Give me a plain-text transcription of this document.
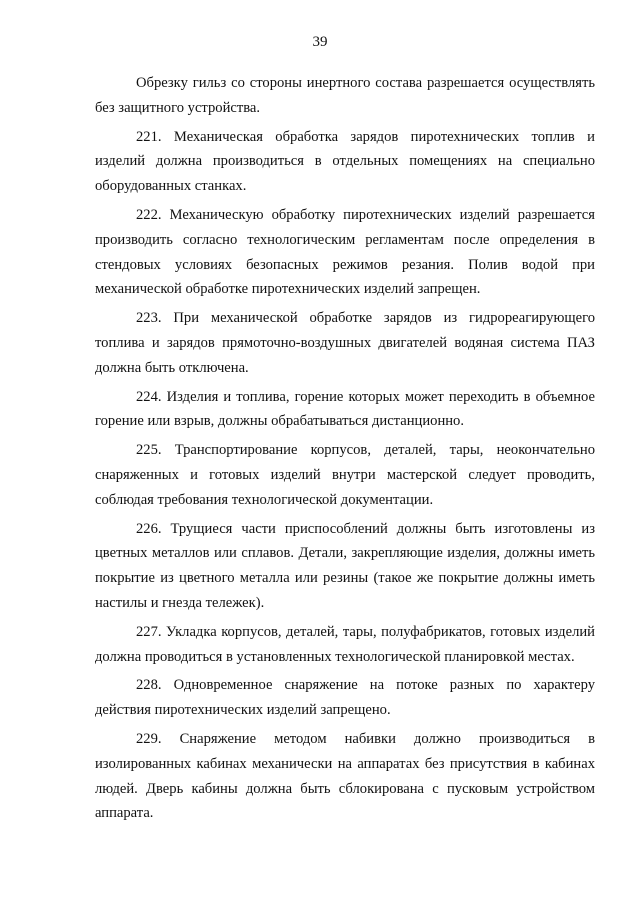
39

Обрезку гильз со стороны инертного состава разрешается осуществлять без защитного устройства.

221. Механическая обработка зарядов пиротехнических топлив и изделий должна производиться в отдельных помещениях на специально оборудованных станках.

222. Механическую обработку пиротехнических изделий разрешается производить согласно технологическим регламентам после определения в стендовых условиях безопасных режимов резания. Полив водой при механической обработке пиротехнических изделий запрещен.

223. При механической обработке зарядов из гидрореагирующего топлива и зарядов прямоточно-воздушных двигателей водяная система ПАЗ должна быть отключена.

224. Изделия и топлива, горение которых может переходить в объемное горение или взрыв, должны обрабатываться дистанционно.

225. Транспортирование корпусов, деталей, тары, неокончательно снаряженных и готовых изделий внутри мастерской следует проводить, соблюдая требования технологической документации.

226. Трущиеся части приспособлений должны быть изготовлены из цветных металлов или сплавов. Детали, закрепляющие изделия, должны иметь покрытие из цветного металла или резины (такое же покрытие должны иметь настилы и гнезда тележек).

227. Укладка корпусов, деталей, тары, полуфабрикатов, готовых изделий должна проводиться в установленных технологической планировкой местах.

228. Одновременное снаряжение на потоке разных по характеру действия пиротехнических изделий запрещено.

229. Снаряжение методом набивки должно производиться в изолированных кабинах механически на аппаратах без присутствия в кабинах людей. Дверь кабины должна быть сблокирована с пусковым устройством аппарата.
